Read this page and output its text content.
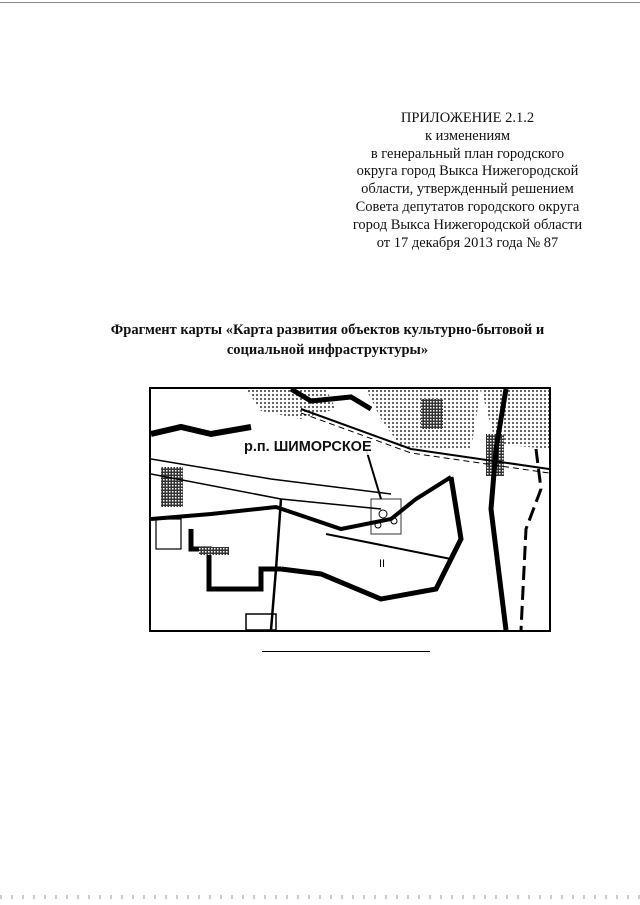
ПРИЛОЖЕНИЕ 2.1.2
к изменениям
в генеральный план городского
округа город Выкса Нижегородской
области, утвержденный решением
Совета депутатов городского округа
город Выкса Нижегородской области
от 17 декабря 2013 года № 87
Фрагмент карты «Карта развития объектов культурно-бытовой и
социальной инфраструктуры»
II
р.п. ШИМОРСКОЕ
